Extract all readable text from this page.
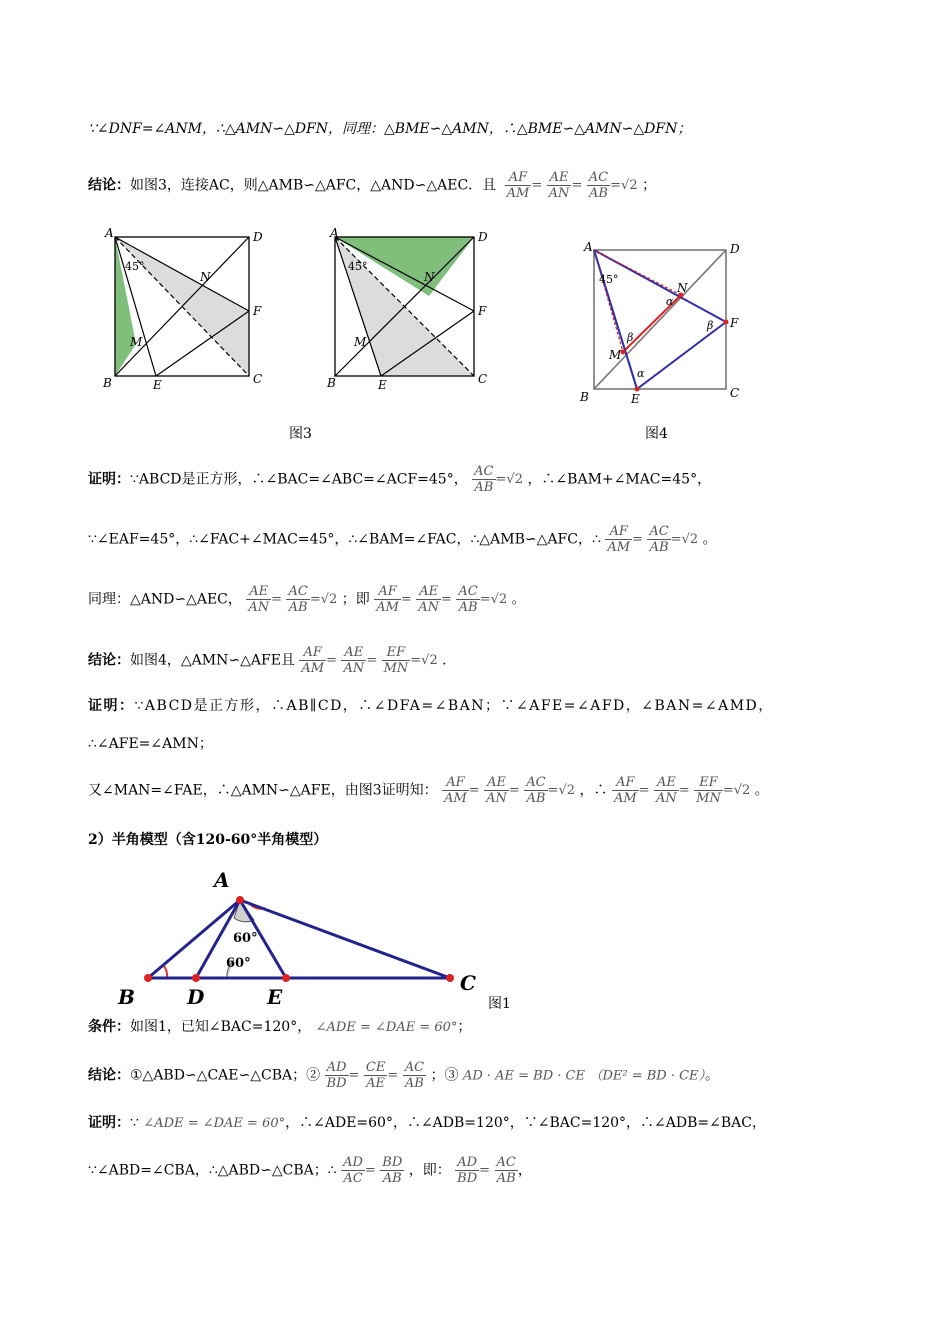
∵∠DNF=∠ANM，∴△AMN∽△DFN，同理：△BME∽△AMN，∴△BME∽△AMN∽△DFN；
结论：如图3，连接AC，则△AMB∽△AFC，△AND∽△AEC．且 $\frac{AF}{AM} = \frac{AE}{AN} = \frac{AC}{AB} =√2$ ；
A	D
B	C
E
F
M
N
45°
A	D
B	C
E
F
M
N
45°
A	D
B	C
E
F
M
N
45°
α
α
β
β
图3	图4
证明：∵ABCD是正方形，∴∠BAC=∠ABC=∠ACF=45°， $\frac{AC}{AB} =√2$ ，∴∠BAM+∠MAC=45°，
∵∠EAF=45°，∴∠FAC+∠MAC=45°，∴∠BAM=∠FAC，∴△AMB∽△AFC，∴ $\frac{AF}{AM} = \frac{AC}{AB} =√2$ 。
同理：△AND∽△AEC， $\frac{AE}{AN} = \frac{AC}{AB} =√2$ ；即 $\frac{AF}{AM} = \frac{AE}{AN} = \frac{AC}{AB} =√2$ 。
结论：如图4，△AMN∽△AFE且 $\frac{AF}{AM} = \frac{AE}{AN} = \frac{EF}{MN} =√2$ .
证明：∵ABCD是正方形，∴AB∥CD，∴∠DFA=∠BAN；∵∠AFE=∠AFD，∠BAN=∠AMD，
∴∠AFE=∠AMN；
又∠MAN=∠FAE，∴△AMN∽△AFE，由图3证明知： $\frac{AF}{AM} = \frac{AE}{AN} = \frac{AC}{AB} =√2$ ，∴ $\frac{AF}{AM} = \frac{AE}{AN} = \frac{EF}{MN} =√2$ 。
2）半角模型（含120-60°半角模型）
A
B	D	E
C
60°
60°
图1
条件：如图1，已知∠BAC=120°， ∠ADE = ∠DAE = 60°；
结论：①△ABD∽△CAE∽△CBA；② $\frac{AD}{BD} = \frac{CE}{AE} = \frac{AC}{AB}$ ；③ AD · AE = BD · CE （DE² = BD · CE）。
证明：∵ ∠ADE = ∠DAE = 60°，∴∠ADE=60°，∴∠ADB=120°，∵∠BAC=120°，∴∠ADB=∠BAC，
∵∠ABD=∠CBA，∴△ABD∽△CBA；∴ $\frac{AD}{AC} = \frac{BD}{AB}$ ，即： $\frac{AD}{BD} = \frac{AC}{AB}$ ，
